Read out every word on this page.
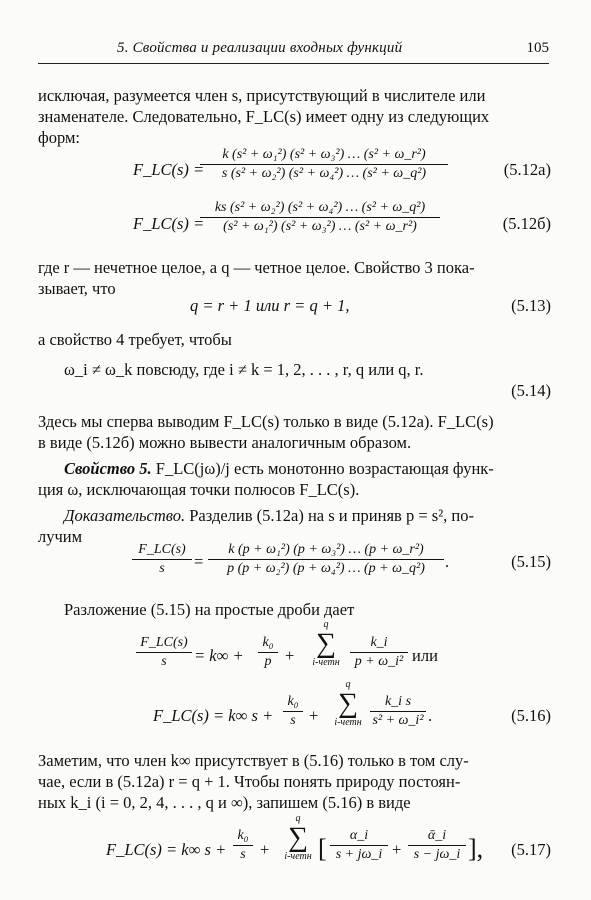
5. Свойства и реализации входных функций	105
исключая, разумеется член s, присутствующий в числителе или
знаменателе. Следовательно, F_LC(s) имеет одну из следующих
форм:
F_LC(s) =
k (s² + ω₁²) (s² + ω₃²) … (s² + ω_r²)
s (s² + ω₂²) (s² + ω₄²) … (s² + ω_q²)	(5.12а)
F_LC(s) =
ks (s² + ω₂²) (s² + ω₄²) … (s² + ω_q²)
(s² + ω₁²) (s² + ω₃²) … (s² + ω_r²)	(5.12б)
где r — нечетное целое, а q — четное целое. Свойство 3 пока-
зывает, что
q = r + 1 или r = q + 1,	(5.13)
а свойство 4 требует, чтобы
ω_i ≠ ω_k повсюду, где i ≠ k = 1, 2, . . . , r, q или q, r.
(5.14)
Здесь мы сперва выводим F_LC(s) только в виде (5.12а). F_LC(s)
в виде (5.12б) можно вывести аналогичным образом.
Свойство 5. F_LC(jω)/j есть монотонно возрастающая функ-
ция ω, исключающая точки полюсов F_LC(s).
Доказательство. Разделив (5.12а) на s и приняв p = s², по-
лучим
F_LC(s)
s	=
k (p + ω₁²) (p + ω₃²) … (p + ω_r²)
p (p + ω₂²) (p + ω₄²) … (p + ω_q²)	.	(5.15)
Разложение (5.15) на простые дроби дает
F_LC(s)
s	= k∞ +
k₀
p +
q
∑
i-четн
k_i
p + ω_i² или
F_LC(s) = k∞ s +
k₀
s +
q
∑
i-четн
k_i s
s² + ω_i² .	(5.16)
Заметим, что член k∞ присутствует в (5.16) только в том слу-
чае, если в (5.12а) r = q + 1. Чтобы понять природу постоян-
ных k_i (i = 0, 2, 4, . . . , q и ∞), запишем (5.16) в виде
F_LC(s) = k∞ s +
k₀
s +
q
∑
i-четн [	α_i
s + jω_i +
ᾱ_i
s − jω_i ], (5.17)
